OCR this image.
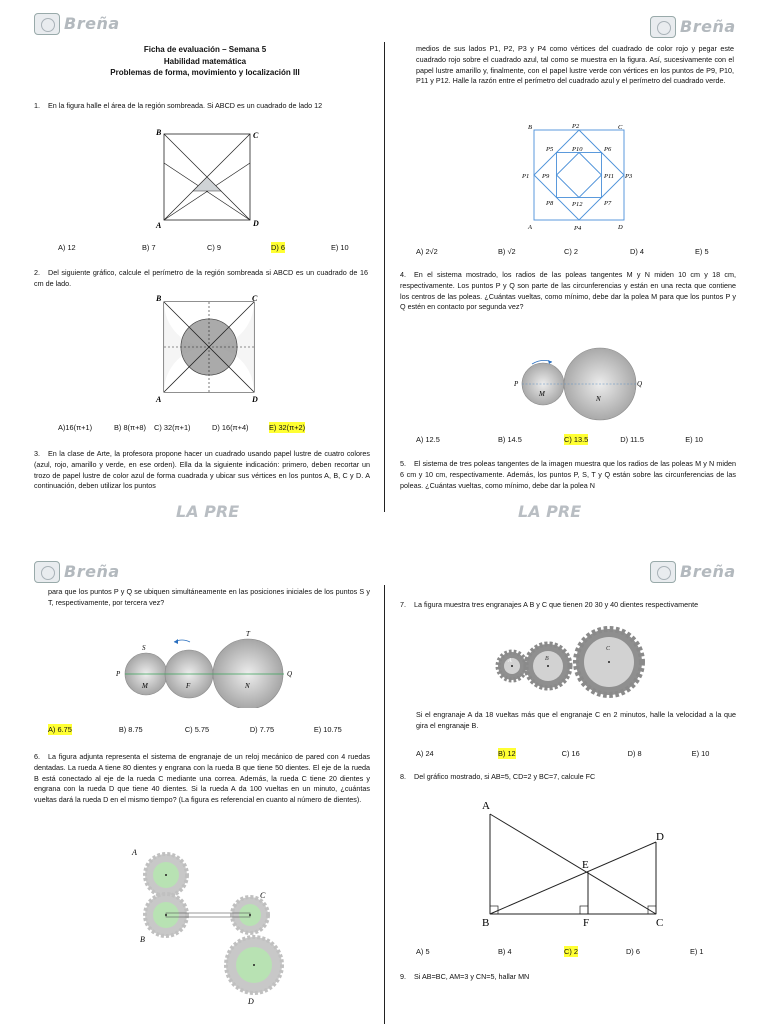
Breña	Breña
Breña	Breña
LA PRE	LA PRE
Ficha de evaluación – Semana 5
Habilidad matemática
Problemas de forma, movimiento y localización III
1. En la figura halle el área de la región sombreada. Si ABCD es un cuadrado de lado 12
B	C
A	D
A) 12	B) 7	C) 9	D) 6	E) 10
2. Del siguiente gráfico, calcule el perímetro de la región sombreada si ABCD es un cuadrado de 16 cm de lado.
B	C
A	D
A)16(π+1)	B) 8(π+8)	C) 32(π+1)	D) 16(π+4)	E) 32(π+2)
3. En la clase de Arte, la profesora propone hacer un cuadrado usando papel lustre de cuatro colores (azul, rojo, amarillo y verde, en ese orden). Ella da la siguiente indicación: primero, deben recortar un trozo de papel lustre de color azul de forma cuadrada y ubicar sus vértices en los puntos A, B, C y D. A continuación, deben utilizar los puntos
medios de sus lados P1, P2, P3 y P4 como vértices del cuadrado de color rojo y pegar este cuadrado rojo sobre el cuadrado azul, tal como se muestra en la figura. Así, sucesivamente con el papel lustre amarillo y, finalmente, con el papel lustre verde con vértices en los puntos de P9, P10, P11 y P12. Halle la razón entre el perímetro del cuadrado azul y el perímetro del cuadrado verde.
B	P2	C
P5	P10	P6
P1 P9	P11 P3
P8	P12	P7
A	P4	D
A) 2√2	B) √2	C) 2	D) 4	E) 5
4. En el sistema mostrado, los radios de las poleas tangentes M y N miden 10 cm y 18 cm, respectivamente. Los puntos P y Q son parte de las circunferencias y están en una recta que contiene los centros de las poleas. ¿Cuántas vueltas, como mínimo, debe dar la polea M para que los puntos P y Q estén en contacto por segunda vez?
P
M
N
Q
A) 12.5	B) 14.5	C) 13.5	D) 11.5	E) 10
5. El sistema de tres poleas tangentes de la imagen muestra que los radios de las poleas M y N miden 6 cm y 10 cm, respectivamente. Además, los puntos P, S, T y Q están sobre las circunferencias de las poleas. ¿Cuántas vueltas, como mínimo, debe dar la polea N
para que los puntos P y Q se ubiquen simultáneamente en las posiciones iniciales de los puntos S y T, respectivamente, por tercera vez?
S
T
P
M	F	N
Q
A) 6.75	B) 8.75	C) 5.75	D) 7.75	E) 10.75
6. La figura adjunta representa el sistema de engranaje de un reloj mecánico de pared con 4 ruedas dentadas. La rueda A tiene 80 dientes y engrana con la rueda B que tiene 50 dientes. El eje de la rueda B está conectado al eje de la rueda C mediante una correa. Además, la rueda C tiene 20 dientes y engrana con la rueda D que tiene 40 dientes. Si la rueda A da 100 vueltas en un minuto, ¿cuántas vueltas dará la rueda D en el mismo tiempo? (La figura es referencial en cuanto al número de dientes).
A
C
B
D
7. La figura muestra tres engranajes A B y C que tienen 20 30 y 40 dientes respectivamente
A	B
C
Si el engranaje A da 18 vueltas más que el engranaje C en 2 minutos, halle la velocidad a la que gira el engranaje B.
A) 24	B) 12	C) 16	D) 8	E) 10
8. Del gráfico mostrado, si AB=5, CD=2 y BC=7, calcule FC
A
D
E
B	F	C
A) 5	B) 4	C) 2	D) 6	E) 1
9. Si AB=BC, AM=3 y CN=5, hallar MN
